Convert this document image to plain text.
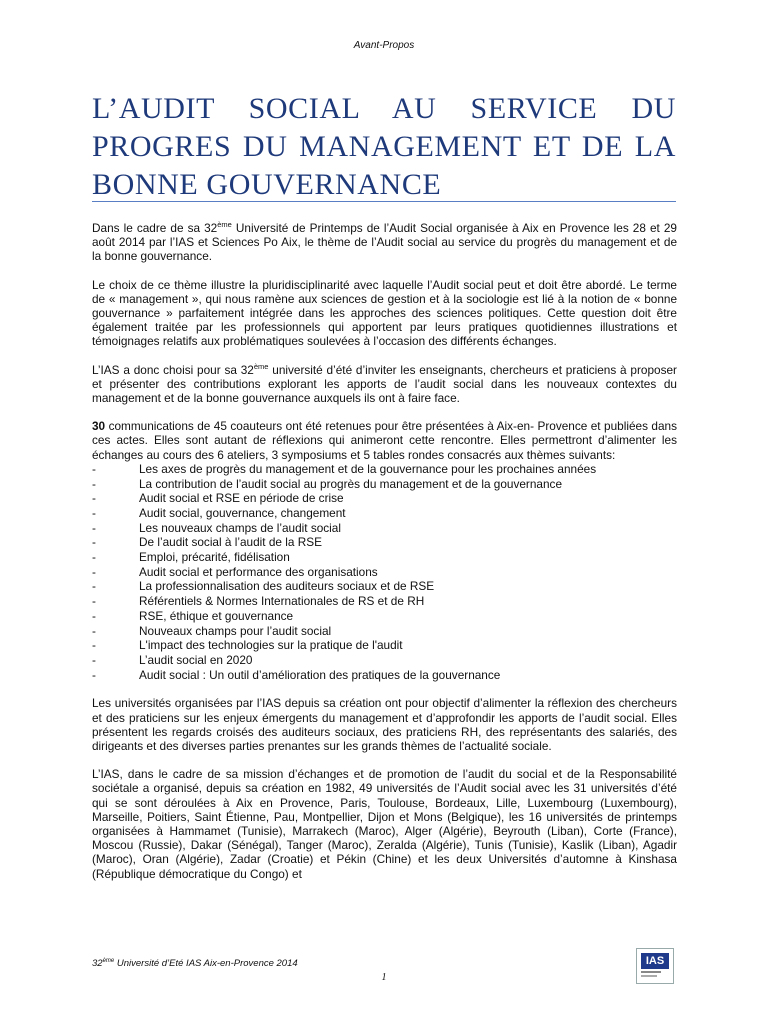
Avant-Propos
L’AUDIT SOCIAL AU SERVICE DU
PROGRES DU MANAGEMENT ET DE LA
BONNE GOUVERNANCE

Dans le cadre de sa 32ème Université de Printemps de l’Audit Social organisée à Aix en Provence les 28 et 29 août 2014 par l’IAS et Sciences Po Aix, le thème de l’Audit social au service du progrès du management et de la bonne gouvernance.

Le choix de ce thème illustre la pluridisciplinarité avec laquelle l’Audit social peut et doit être abordé. Le terme de « management », qui nous ramène aux sciences de gestion et à la sociologie est lié à la notion de « bonne gouvernance » parfaitement intégrée dans les approches des sciences politiques. Cette question doit être également traitée par les professionnels qui apportent par leurs pratiques quotidiennes illustrations et témoignages relatifs aux problématiques soulevées à l’occasion des différents échanges.

L’IAS a donc choisi pour sa 32ème université d’été d’inviter les enseignants, chercheurs et praticiens à proposer et présenter des contributions explorant les apports de l’audit social dans les nouveaux contextes du management et de la bonne gouvernance auxquels ils ont à faire face.

30 communications de 45 coauteurs ont été retenues pour être présentées à Aix-en- Provence et publiées dans ces actes. Elles sont autant de réflexions qui animeront cette rencontre. Elles permettront d’alimenter les échanges au cours des 6 ateliers, 3 symposiums et 5 tables rondes consacrés aux thèmes suivants:

-	Les axes de progrès du management et de la gouvernance pour les prochaines années
-	La contribution de l’audit social au progrès du management et de la gouvernance
-	Audit social et RSE en période de crise
-	Audit social, gouvernance, changement
-	Les nouveaux champs de l’audit social
-	De l’audit social à l’audit de la RSE
-	Emploi, précarité, fidélisation
-	Audit social et performance des organisations
-	La professionnalisation des auditeurs sociaux et de RSE
-	Référentiels & Normes Internationales de RS et de RH
-	RSE, éthique et gouvernance
-	Nouveaux champs pour l’audit social
-	L'impact des technologies sur la pratique de l'audit
-	L’audit social en 2020
-	Audit social : Un outil d’amélioration des pratiques de la gouvernance

Les universités organisées par l’IAS depuis sa création ont pour objectif d’alimenter la réflexion des chercheurs et des praticiens sur les enjeux émergents du management et d’approfondir les apports de l’audit social. Elles présentent les regards croisés des auditeurs sociaux, des praticiens RH, des représentants des salariés, des dirigeants et des diverses parties prenantes sur les grands thèmes de l’actualité sociale.

L’IAS, dans le cadre de sa mission d’échanges et de promotion de l’audit du social et de la Responsabilité sociétale a organisé, depuis sa création en 1982, 49 universités de l’Audit social avec les 31 universités d’été qui se sont déroulées à Aix en Provence, Paris, Toulouse, Bordeaux, Lille, Luxembourg (Luxembourg), Marseille, Poitiers, Saint Étienne, Pau, Montpellier, Dijon et Mons (Belgique), les 16 universités de printemps organisées à Hammamet (Tunisie), Marrakech (Maroc), Alger (Algérie), Beyrouth (Liban), Corte (France), Moscou (Russie), Dakar (Sénégal), Tanger (Maroc), Zeralda (Algérie), Tunis (Tunisie), Kaslik (Liban), Agadir (Maroc), Oran (Algérie), Zadar (Croatie) et Pékin (Chine) et les deux Universités d’automne à Kinshasa (République démocratique du Congo) et

32ème Université d’Eté IAS Aix-en-Provence 2014
1
IAS
